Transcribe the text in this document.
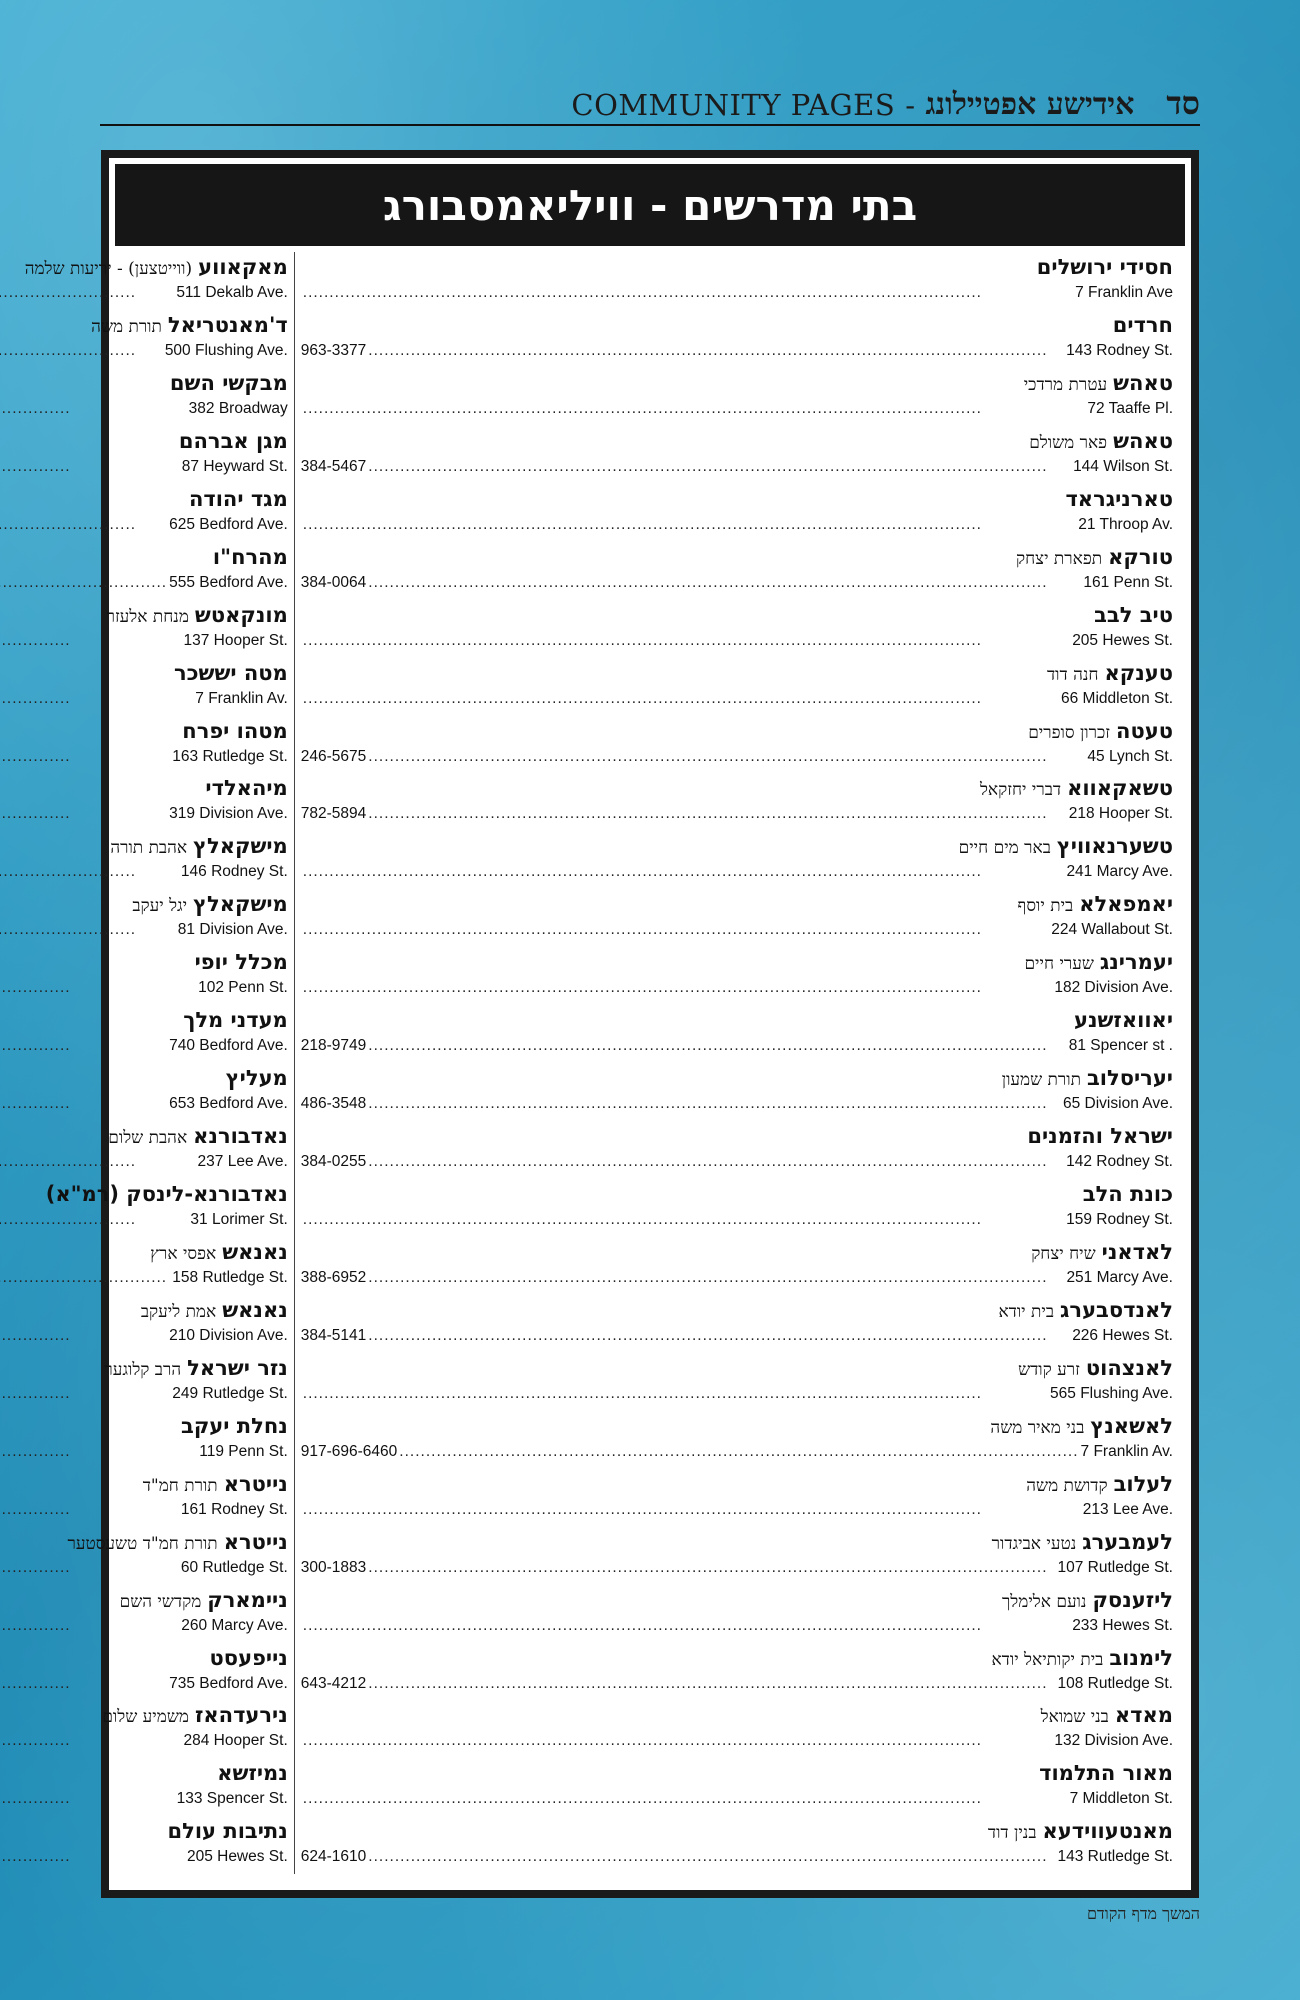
COMMUNITY PAGES - אידישע אפטיילונג סד
בתי מדרשים - וויליאמסבורג
חסידי ירושלים
.....
7 Franklin Ave
חרדים
963-3377 .....	143 Rodney St.
טאהשעטרת מרדכי
.....
72 Taaffe Pl.
טאהשפאר משולם
384-5467 .....	144 Wilson St.
טארניגראד
.....
21 Throop Av.
טורקאתפארת יצחק
384-0064 .....	161 Penn St.
טיב לבב
.....
205 Hewes St.
טענקאחנה דוד
.....
66 Middleton St.
טעטהזכרון סופרים
246-5675 .....	45 Lynch St.
טשאקאוואדברי יחזקאל
782-5894 .....	218 Hooper St.
טשערנאוויץבאר מים חיים
.....
241 Marcy Ave.
יאמפאלאבית יוסף
.....
224 Wallabout St.
יעמרינגשערי חיים
.....
182 Division Ave.
יאוואזשנע
218-9749 .....	81 Spencer st .
יעריסלובתורת שמעון
486-3548 .....	65 Division Ave.
ישראל והזמנים
384-0255 .....	142 Rodney St.
כונת הלב
.....
159 Rodney St.
לאדאנישיח יצחק
388-6952 .....	251 Marcy Ave.
לאנדסבערגבית יודא
384-5141 .....	226 Hewes St.
לאנצהוטזרע קודש
.....
565 Flushing Ave.
לאשאנץבני מאיר משה
917-696-6460 .....	7 Franklin Av.
לעלובקדושת משה
.....
213 Lee Ave.
לעמבערגנטעי אביגדור
300-1883 .....	107 Rutledge St.
ליזענסקנועם אלימלך
.....
233 Hewes St.
לימנובבית יקותיאל יודא
643-4212 .....	108 Rutledge St.
מאדאבני שמואל
.....
132 Division Ave.
מאור התלמוד
.....
7 Middleton St.
מאנטעווידעאבנין דוד
624-1610 .....	143 Rutledge St.
מאקאווע(ווייטצען) - יריעות שלמה
.....
511 Dekalb Ave.
ד'מאנטריאלתורת משה
.....
500 Flushing Ave.
מבקשי השם
.....
382 Broadway
מגן אברהם
.....
87 Heyward St.
מגד יהודה
.....
625 Bedford Ave.
מהרח"ו
.....
555 Bedford Ave.
מונקאטשמנחת אלעזר
.....
137 Hooper St.
מטה יששכר
.....
7 Franklin Av.
מטהו יפרח
.....
163 Rutledge St.
מיהאלדי
.....
319 Division Ave.
מישקאלץאהבת תורה
.....
146 Rodney St.
מישקאלץיגל יעקב
.....
81 Division Ave.
מכלל יופי
.....
102 Penn St.
מעדני מלך
.....
740 Bedford Ave.
מעליץ
.....
653 Bedford Ave.
נאדבורנאאהבת שלום
.....
237 Lee Ave.
נאדבורנא-לינסק (רמ"א)
.....
31 Lorimer St.
נאנאשאפסי ארץ
.....
158 Rutledge St.
נאנאשאמת ליעקב
.....
210 Division Ave.
נזר ישראלהרב קלוגער
.....
249 Rutledge St.
נחלת יעקב
.....
119 Penn St.
נייטראתורת חמ"ד
.....
161 Rodney St.
נייטראתורת חמ"ד טשעסטער
.....
60 Rutledge St.
ניימארקמקדשי השם
.....
260 Marcy Ave.
נייפעסט
.....
735 Bedford Ave.
נירעדהאזמשמיע שלום
.....
284 Hooper St.
נמיזשא
.....
133 Spencer St.
נתיבות עולם
.....
205 Hewes St.
המשך מדף הקודם
